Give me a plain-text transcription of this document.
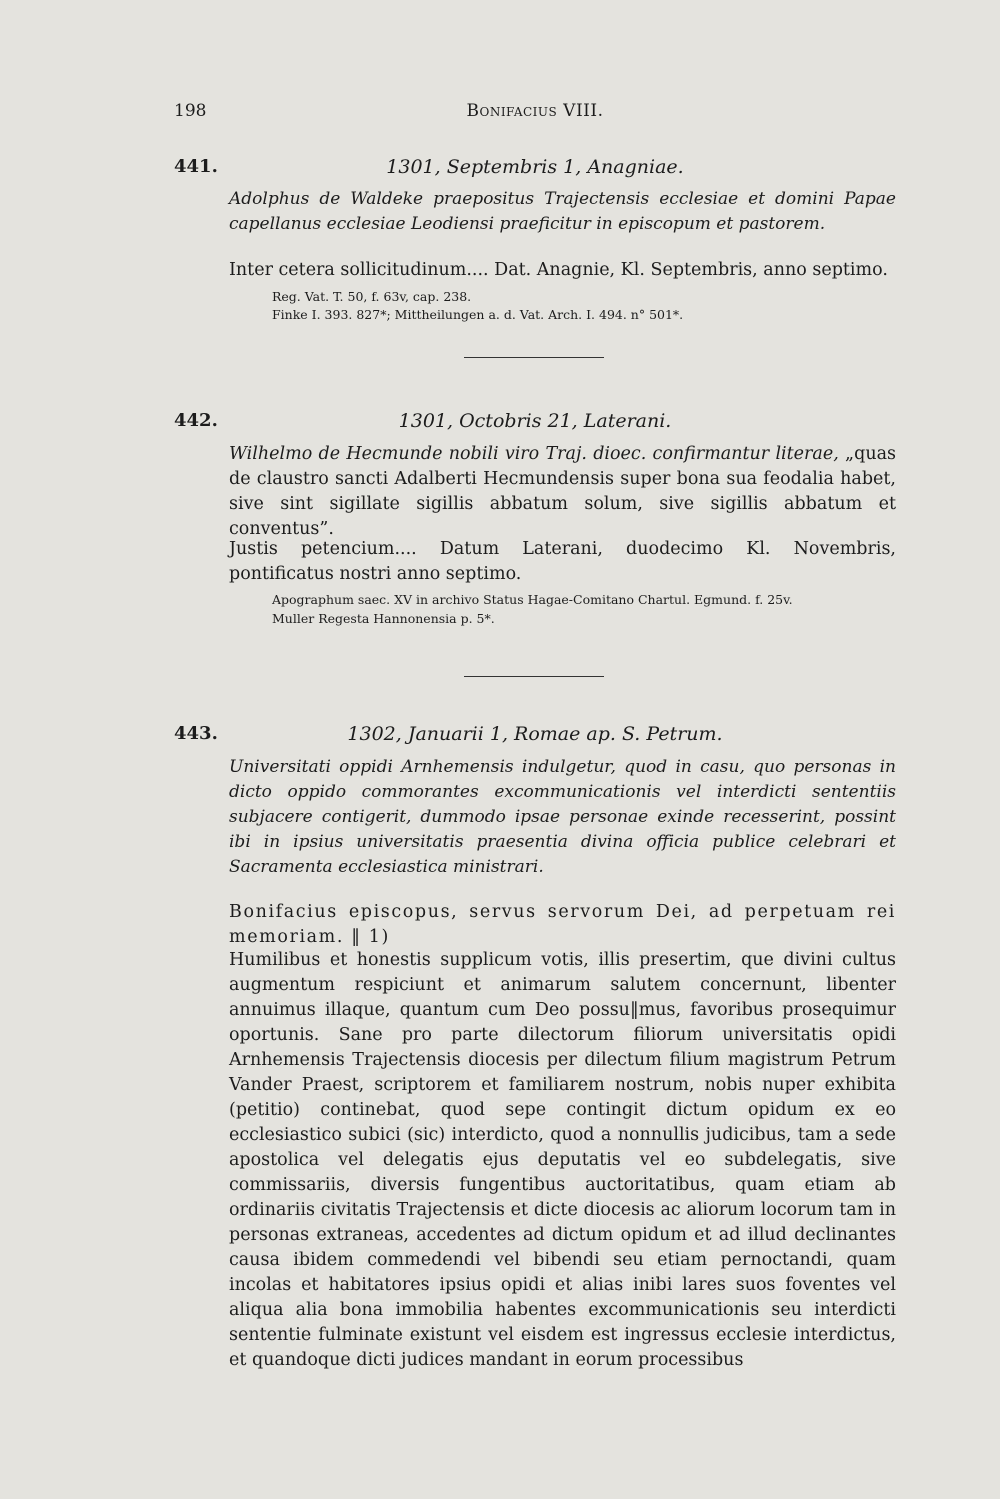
198	Bonifacius VIII.
441.	1301, Septembris 1, Anagniae.
Adolphus de Waldeke praepositus Trajectensis ecclesiae et domini Papae capellanus ecclesiae Leodiensi praeficitur in episcopum et pastorem.
Inter cetera sollicitudinum.... Dat. Anagnie, Kl. Septembris, anno septimo.
Reg. Vat. T. 50, f. 63v, cap. 238.
Finke I. 393. 827*; Mittheilungen a. d. Vat. Arch. I. 494. n° 501*.
442.	1301, Octobris 21, Laterani.
Wilhelmo de Hecmunde nobili viro Traj. dioec. confirmantur literae, „quas de claustro sancti Adalberti Hecmundensis super bona sua feodalia habet, sive sint sigillate sigillis abbatum solum, sive sigillis abbatum et conventus”.
Justis petencium.... Datum Laterani, duodecimo Kl. Novembris, pontificatus nostri anno septimo.
Apographum saec. XV in archivo Status Hagae-Comitano Chartul. Egmund. f. 25v.
Muller Regesta Hannonensia p. 5*.
443.	1302, Januarii 1, Romae ap. S. Petrum.
Universitati oppidi Arnhemensis indulgetur, quod in casu, quo personas in dicto oppido commorantes excommunicationis vel interdicti sententiis subjacere contigerit, dummodo ipsae personae exinde recesserint, possint ibi in ipsius universitatis praesentia divina officia publice celebrari et Sacramenta ecclesiastica ministrari.
Bonifacius episcopus, servus servorum Dei, ad perpetuam rei memoriam. ‖ 1)
Humilibus et honestis supplicum votis, illis presertim, que divini cultus augmentum respiciunt et animarum salutem concernunt, libenter annuimus illaque, quantum cum Deo possu‖mus, favoribus prosequimur oportunis. Sane pro parte dilectorum filiorum universitatis opidi Arnhemensis Trajectensis diocesis per dilectum filium magistrum Petrum Vander Praest, scriptorem et familiarem nostrum, nobis nuper exhibita (petitio) continebat, quod sepe contingit dictum opidum ex eo ecclesiastico subici (sic) interdicto, quod a nonnullis judicibus, tam a sede apostolica vel delegatis ejus deputatis vel eo subdelegatis, sive commissariis, diversis fungentibus auctoritatibus, quam etiam ab ordinariis civitatis Trajectensis et dicte diocesis ac aliorum locorum tam in personas extraneas, accedentes ad dictum opidum et ad illud declinantes causa ibidem commedendi vel bibendi seu etiam pernoctandi, quam incolas et habitatores ipsius opidi et alias inibi lares suos foventes vel aliqua alia bona immobilia habentes excommunicationis seu interdicti sententie fulminate existunt vel eisdem est ingressus ecclesie interdictus, et quandoque dicti judices mandant in eorum processibus
